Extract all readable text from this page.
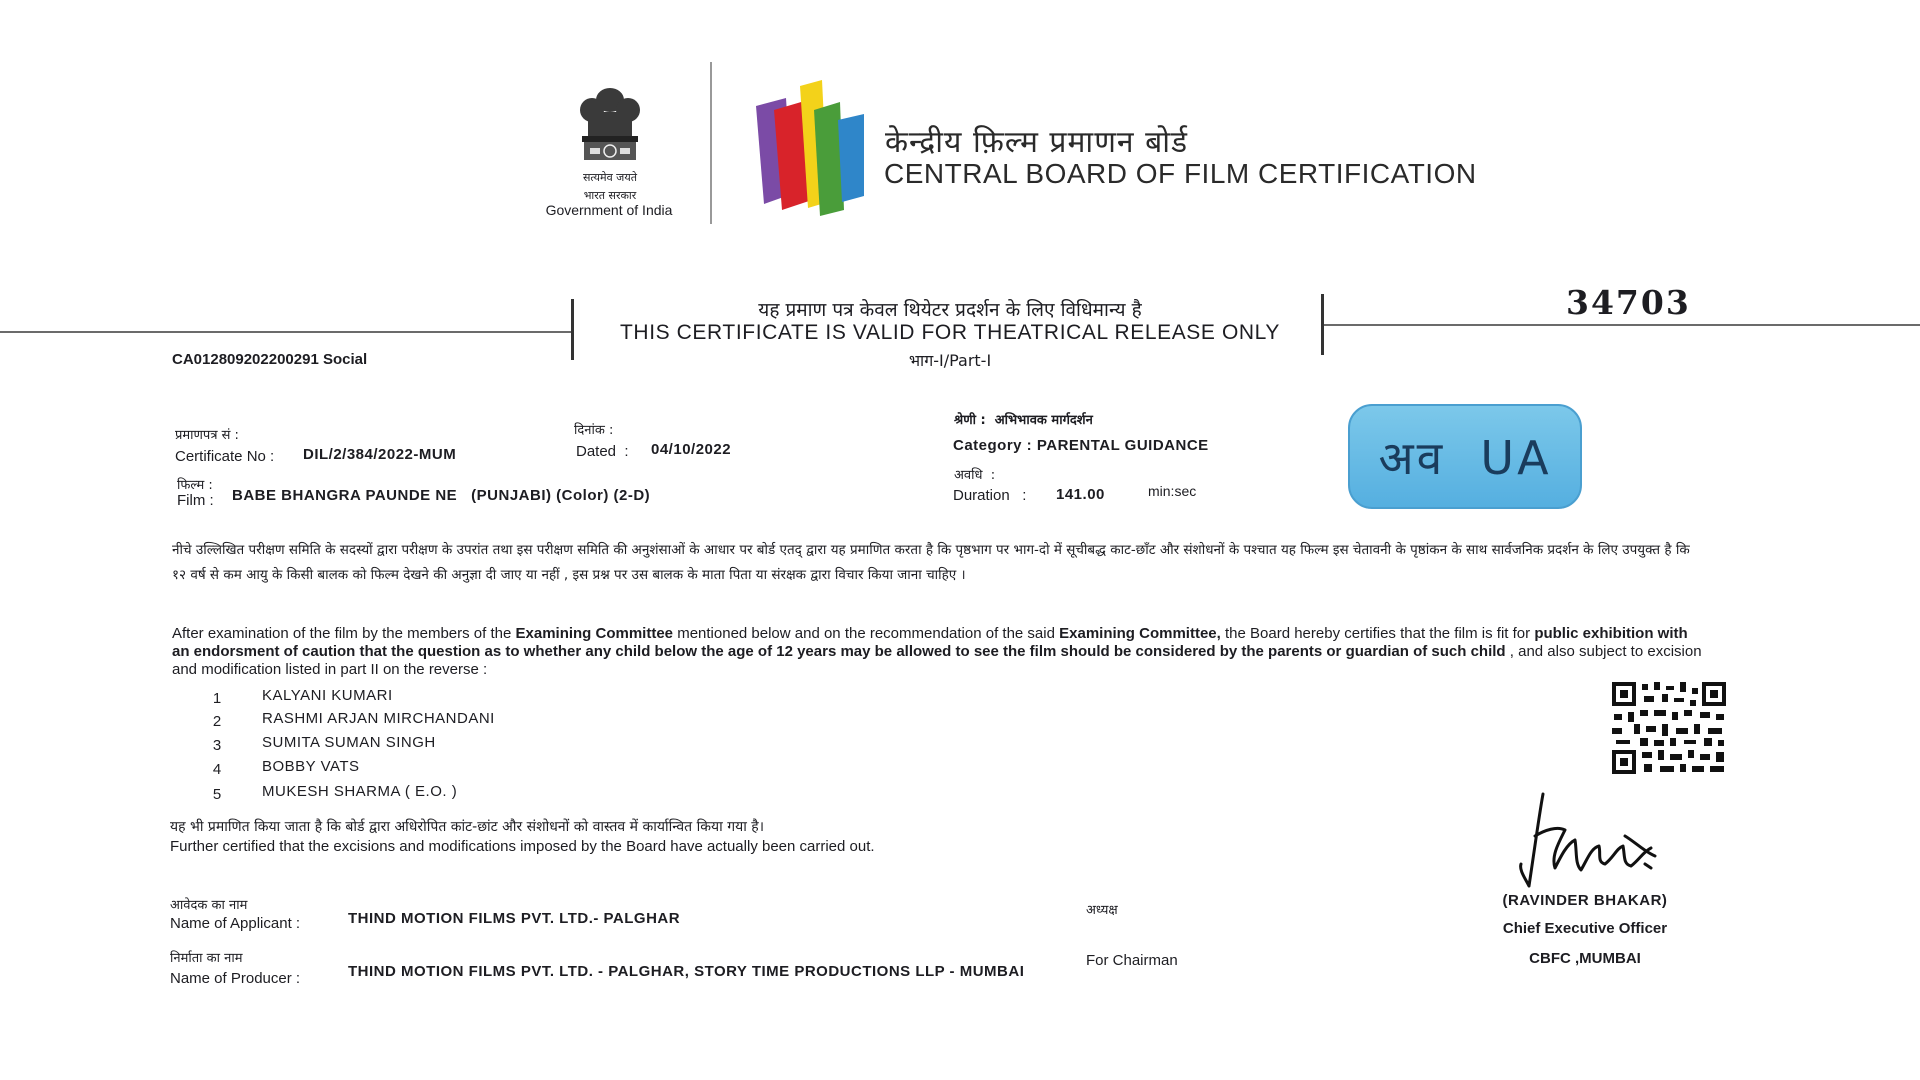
सत्यमेव जयते
भारत सरकार
Government of India
केन्द्रीय फ़िल्म प्रमाणन बोर्ड
CENTRAL BOARD OF FILM CERTIFICATION
यह प्रमाण पत्र केवल थियेटर प्रदर्शन के लिए विधिमान्य है
THIS CERTIFICATE IS VALID FOR THEATRICAL RELEASE ONLY
भाग-I/Part-I
34703
CA012809202200291 Social
प्रमाणपत्र सं :
Certificate No : DIL/2/384/2022-MUM
फिल्म :
Film : BABE BHANGRA PAUNDE NE   (PUNJABI) (Color) (2-D)
दिनांक :
Dated  : 04/10/2022
श्रेणी :  अभिभावक मार्गदर्शन
Category : PARENTAL GUIDANCE
अवधि  :
Duration   : 141.00	min:sec
अव  UA
नीचे उल्लिखित परीक्षण समिति के सदस्यों द्वारा परीक्षण के उपरांत तथा इस परीक्षण समिति की अनुशंसाओं के आधार पर बोर्ड एतद् द्वारा यह प्रमाणित करता है कि पृष्ठभाग पर भाग-दो में सूचीबद्ध काट-छाँट और संशोधनों के पश्चात यह फिल्म इस चेतावनी के पृष्ठांकन के साथ सार्वजनिक प्रदर्शन के लिए उपयुक्त है कि १२ वर्ष से कम आयु के किसी बालक को फिल्म देखने की अनुज्ञा दी जाए या नहीं , इस प्रश्न पर उस बालक के माता पिता या संरक्षक द्वारा विचार किया जाना चाहिए ।
After examination of the film by the members of the Examining Committee mentioned below and on the recommendation of the said Examining Committee, the Board hereby certifies that the film is fit for public exhibition with an endorsment of caution that the question as to whether any child below the age of 12 years may be allowed to see the film should be considered by the parents or guardian of such child , and also subject to excision and modification listed in part II on the reverse :
1	KALYANI KUMARI
2	RASHMI ARJAN MIRCHANDANI
3	SUMITA SUMAN SINGH
4	BOBBY VATS
5	MUKESH SHARMA ( E.O. )
यह भी प्रमाणित किया जाता है कि बोर्ड द्वारा अधिरोपित कांट-छांट और संशोधनों को वास्तव में कार्यान्वित किया गया है।
Further certified that the excisions and modifications imposed by the Board have actually been carried out.
आवेदक का नाम
Name of Applicant :	THIND MOTION FILMS PVT. LTD.- PALGHAR
निर्माता का नाम
Name of Producer :	THIND MOTION FILMS PVT. LTD. - PALGHAR, STORY TIME PRODUCTIONS LLP - MUMBAI
अध्यक्ष
For Chairman
(RAVINDER BHAKAR)
Chief Executive Officer
CBFC ,MUMBAI
